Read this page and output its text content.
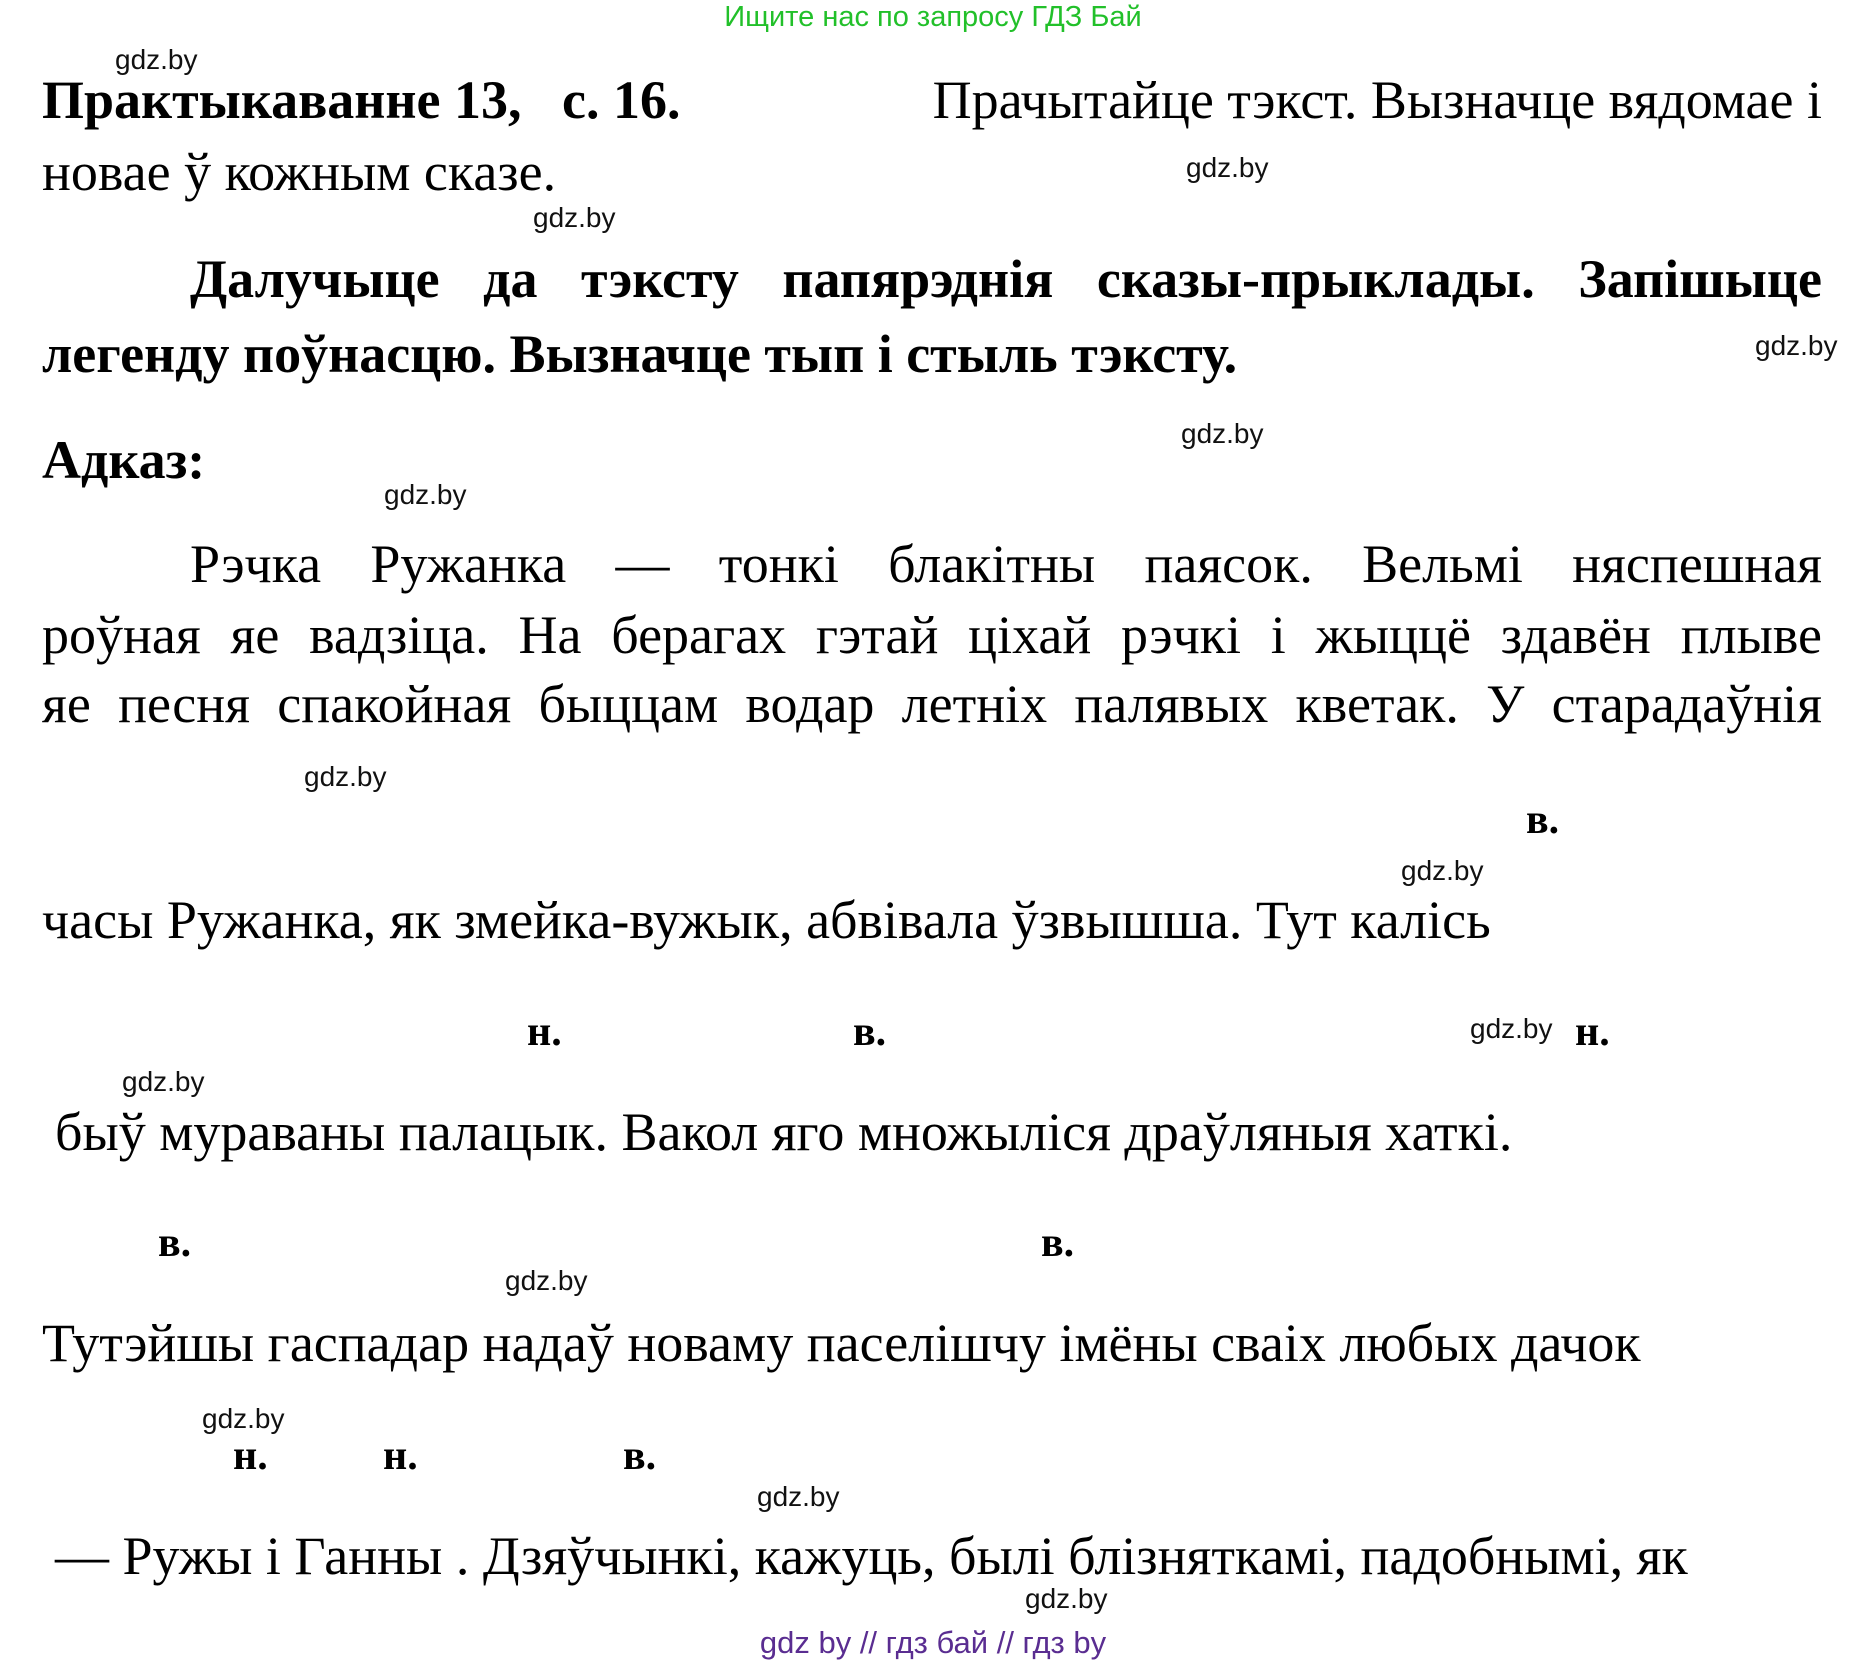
Ищите нас по запросу ГДЗ Бай
gdz.by
gdz.by
gdz.by
gdz.by
gdz.by
gdz.by
gdz.by
gdz.by
gdz.by
gdz.by
gdz.by
gdz.by
gdz.by
gdz.by
Практыкаванне 13, с. 16.	Прачытайце тэкст. Вызначце вядомае і
новае ў кожным сказе.
Далучыце да тэксту папярэднія сказы-прыклады. Запішыце
легенду поўнасцю. Вызначце тып і стыль тэксту.
Адказ:
Рэчка Ружанка — тонкі блакітны паясок. Вельмі няспешная
роўная яе вадзіца. На берагах гэтай ціхай рэчкі і жыццё здавён плыве
яе песня спакойная быццам водар летніх палявых кветак. У старадаўнія
в.
часы Ружанка, як змейка-вужык, абвівала ўзвышша. Тут калісь
н.	в.	н.
быў мураваны палацык. Вакол яго множыліся драўляныя хаткі.
в.	в.
Тутэйшы гаспадар надаў новаму паселішчу імёны сваіх любых дачок
н.	н.	в.
— Ружы і Ганны . Дзяўчынкі, кажуць, былі блізняткамі, падобнымі, як
gdz by // гдз бай // гдз by
